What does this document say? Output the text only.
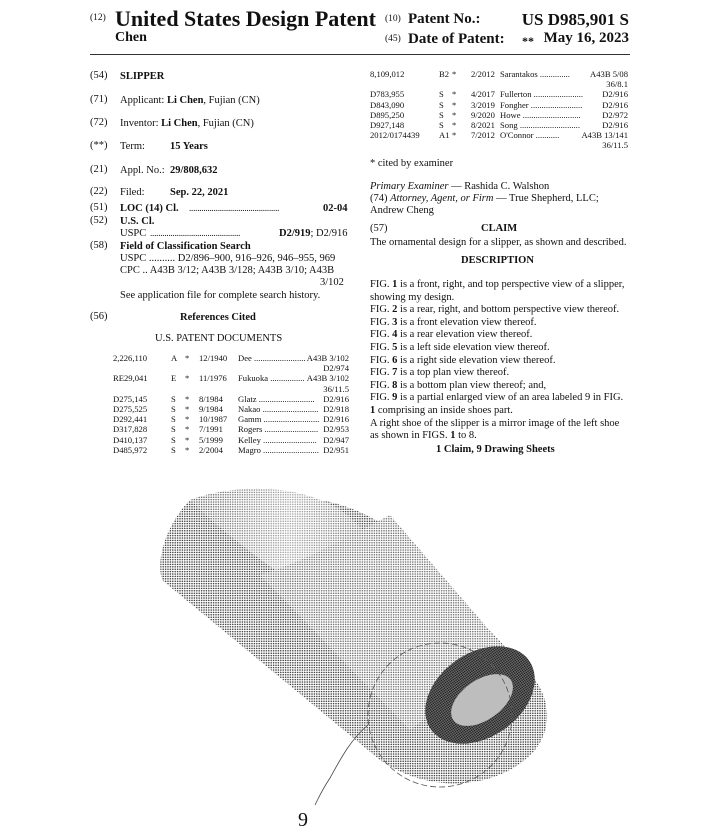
(12) United States Design Patent
Chen
(10) Patent No.: US D985,901 S
(45) Date of Patent: ** May 16, 2023
(54) SLIPPER
(71) Applicant: Li Chen, Fujian (CN)
(72) Inventor: Li Chen, Fujian (CN)
(**) Term: 15 Years
(21) Appl. No.: 29/808,632
(22) Filed: Sep. 22, 2021
(51) LOC (14) Cl. ............................................	02-04
(52) U.S. Cl.
USPC ............................................	D2/919; D2/916
(58) Field of Classification Search
USPC .......... D2/896–900, 916–926, 946–955, 969
CPC .. A43B 3/12; A43B 3/128; A43B 3/10; A43B
3/102
See application file for complete search history.
(56)	References Cited
U.S. PATENT DOCUMENTS
2,226,110	A * 12/1940 Dee ........................ A43B 3/102
D2/974
RE29,041	E * 11/1976 Fukuoka ................ A43B 3/102
36/11.5
D275,145	S * 8/1984 Glatz .......................... D2/916
D275,525	S * 9/1984 Nakao .......................... D2/918
D292,441	S * 10/1987 Gamm .......................... D2/916
D317,828	S * 7/1991 Rogers ......................... D2/953
D410,137	S * 5/1999 Kelley ......................... D2/947
D485,972	S * 2/2004 Magro .......................... D2/951
8,109,012	B2 * 2/2012 Sarantakos .............. A43B 5/08
36/8.1
D783,955	S * 4/2017 Fullerton ....................... D2/916
D843,090	S * 3/2019 Fongher ........................ D2/916
D895,250	S * 9/2020 Howe ...........................	D2/972
D927,148	S * 8/2021 Song ............................	D2/916
2012/0174439 A1 * 7/2012 O'Connor ...........	A43B 13/141
36/11.5
* cited by examiner
Primary Examiner — Rashida C. Walshon
(74) Attorney, Agent, or Firm — True Shepherd, LLC;
Andrew Cheng
(57)	CLAIM
The ornamental design for a slipper, as shown and described.
DESCRIPTION
FIG. 1 is a front, right, and top perspective view of a slipper,
showing my design.
FIG. 2 is a rear, right, and bottom perspective view thereof.
FIG. 3 is a front elevation view thereof.
FIG. 4 is a rear elevation view thereof.
FIG. 5 is a left side elevation view thereof.
FIG. 6 is a right side elevation view thereof.
FIG. 7 is a top plan view thereof.
FIG. 8 is a bottom plan view thereof; and,
FIG. 9 is a partial enlarged view of an area labeled 9 in FIG.
1 comprising an inside shoes part.
A right shoe of the slipper is a mirror image of the left shoe
as shown in FIGS. 1 to 8.
1 Claim, 9 Drawing Sheets
9
